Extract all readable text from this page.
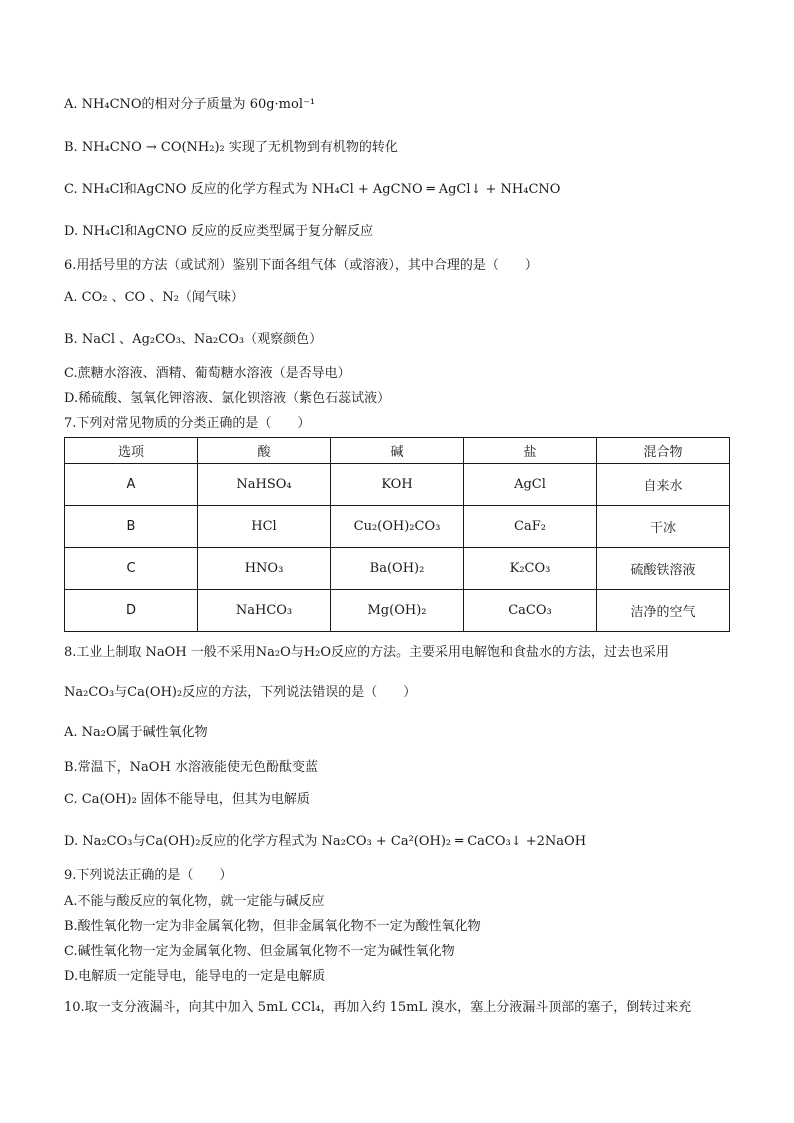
A. NH₄CNO的相对分子质量为 60g·mol⁻¹
B. NH₄CNO → CO(NH₂)₂ 实现了无机物到有机物的转化
C. NH₄Cl和AgCNO 反应的化学方程式为 NH₄Cl + AgCNO ═ AgCl↓ + NH₄CNO
D. NH₄Cl和AgCNO 反应的反应类型属于复分解反应
6.用括号里的方法（或试剂）鉴别下面各组气体（或溶液），其中合理的是（　　）
A. CO₂ 、CO 、N₂（闻气味）
B. NaCl 、Ag₂CO₃、Na₂CO₃（观察颜色）
C.蔗糖水溶液、酒精、葡萄糖水溶液（是否导电）
D.稀硫酸、氢氧化钾溶液、氯化钡溶液（紫色石蕊试液）
7.下列对常见物质的分类正确的是（　　）
选项	酸	碱	盐	混合物
A	NaHSO₄	KOH	AgCl	自来水
B	HCl	Cu₂(OH)₂CO₃	CaF₂	干冰
C	HNO₃	Ba(OH)₂	K₂CO₃	硫酸铁溶液
D	NaHCO₃	Mg(OH)₂	CaCO₃	洁净的空气
8.工业上制取 NaOH 一般不采用Na₂O与H₂O反应的方法。主要采用电解饱和食盐水的方法，过去也采用
Na₂CO₃与Ca(OH)₂反应的方法，下列说法错误的是（　　）
A. Na₂O属于碱性氧化物
B.常温下，NaOH 水溶液能使无色酚酞变蓝
C. Ca(OH)₂ 固体不能导电，但其为电解质
D. Na₂CO₃与Ca(OH)₂反应的化学方程式为 Na₂CO₃ + Ca²(OH)₂ ═ CaCO₃↓ +2NaOH
9.下列说法正确的是（　　）
A.不能与酸反应的氧化物，就一定能与碱反应
B.酸性氧化物一定为非金属氧化物，但非金属氧化物不一定为酸性氧化物
C.碱性氧化物一定为金属氧化物、但金属氧化物不一定为碱性氧化物
D.电解质一定能导电，能导电的一定是电解质
10.取一支分液漏斗，向其中加入 5mL CCl₄，再加入约 15mL 溴水，塞上分液漏斗顶部的塞子，倒转过来充
